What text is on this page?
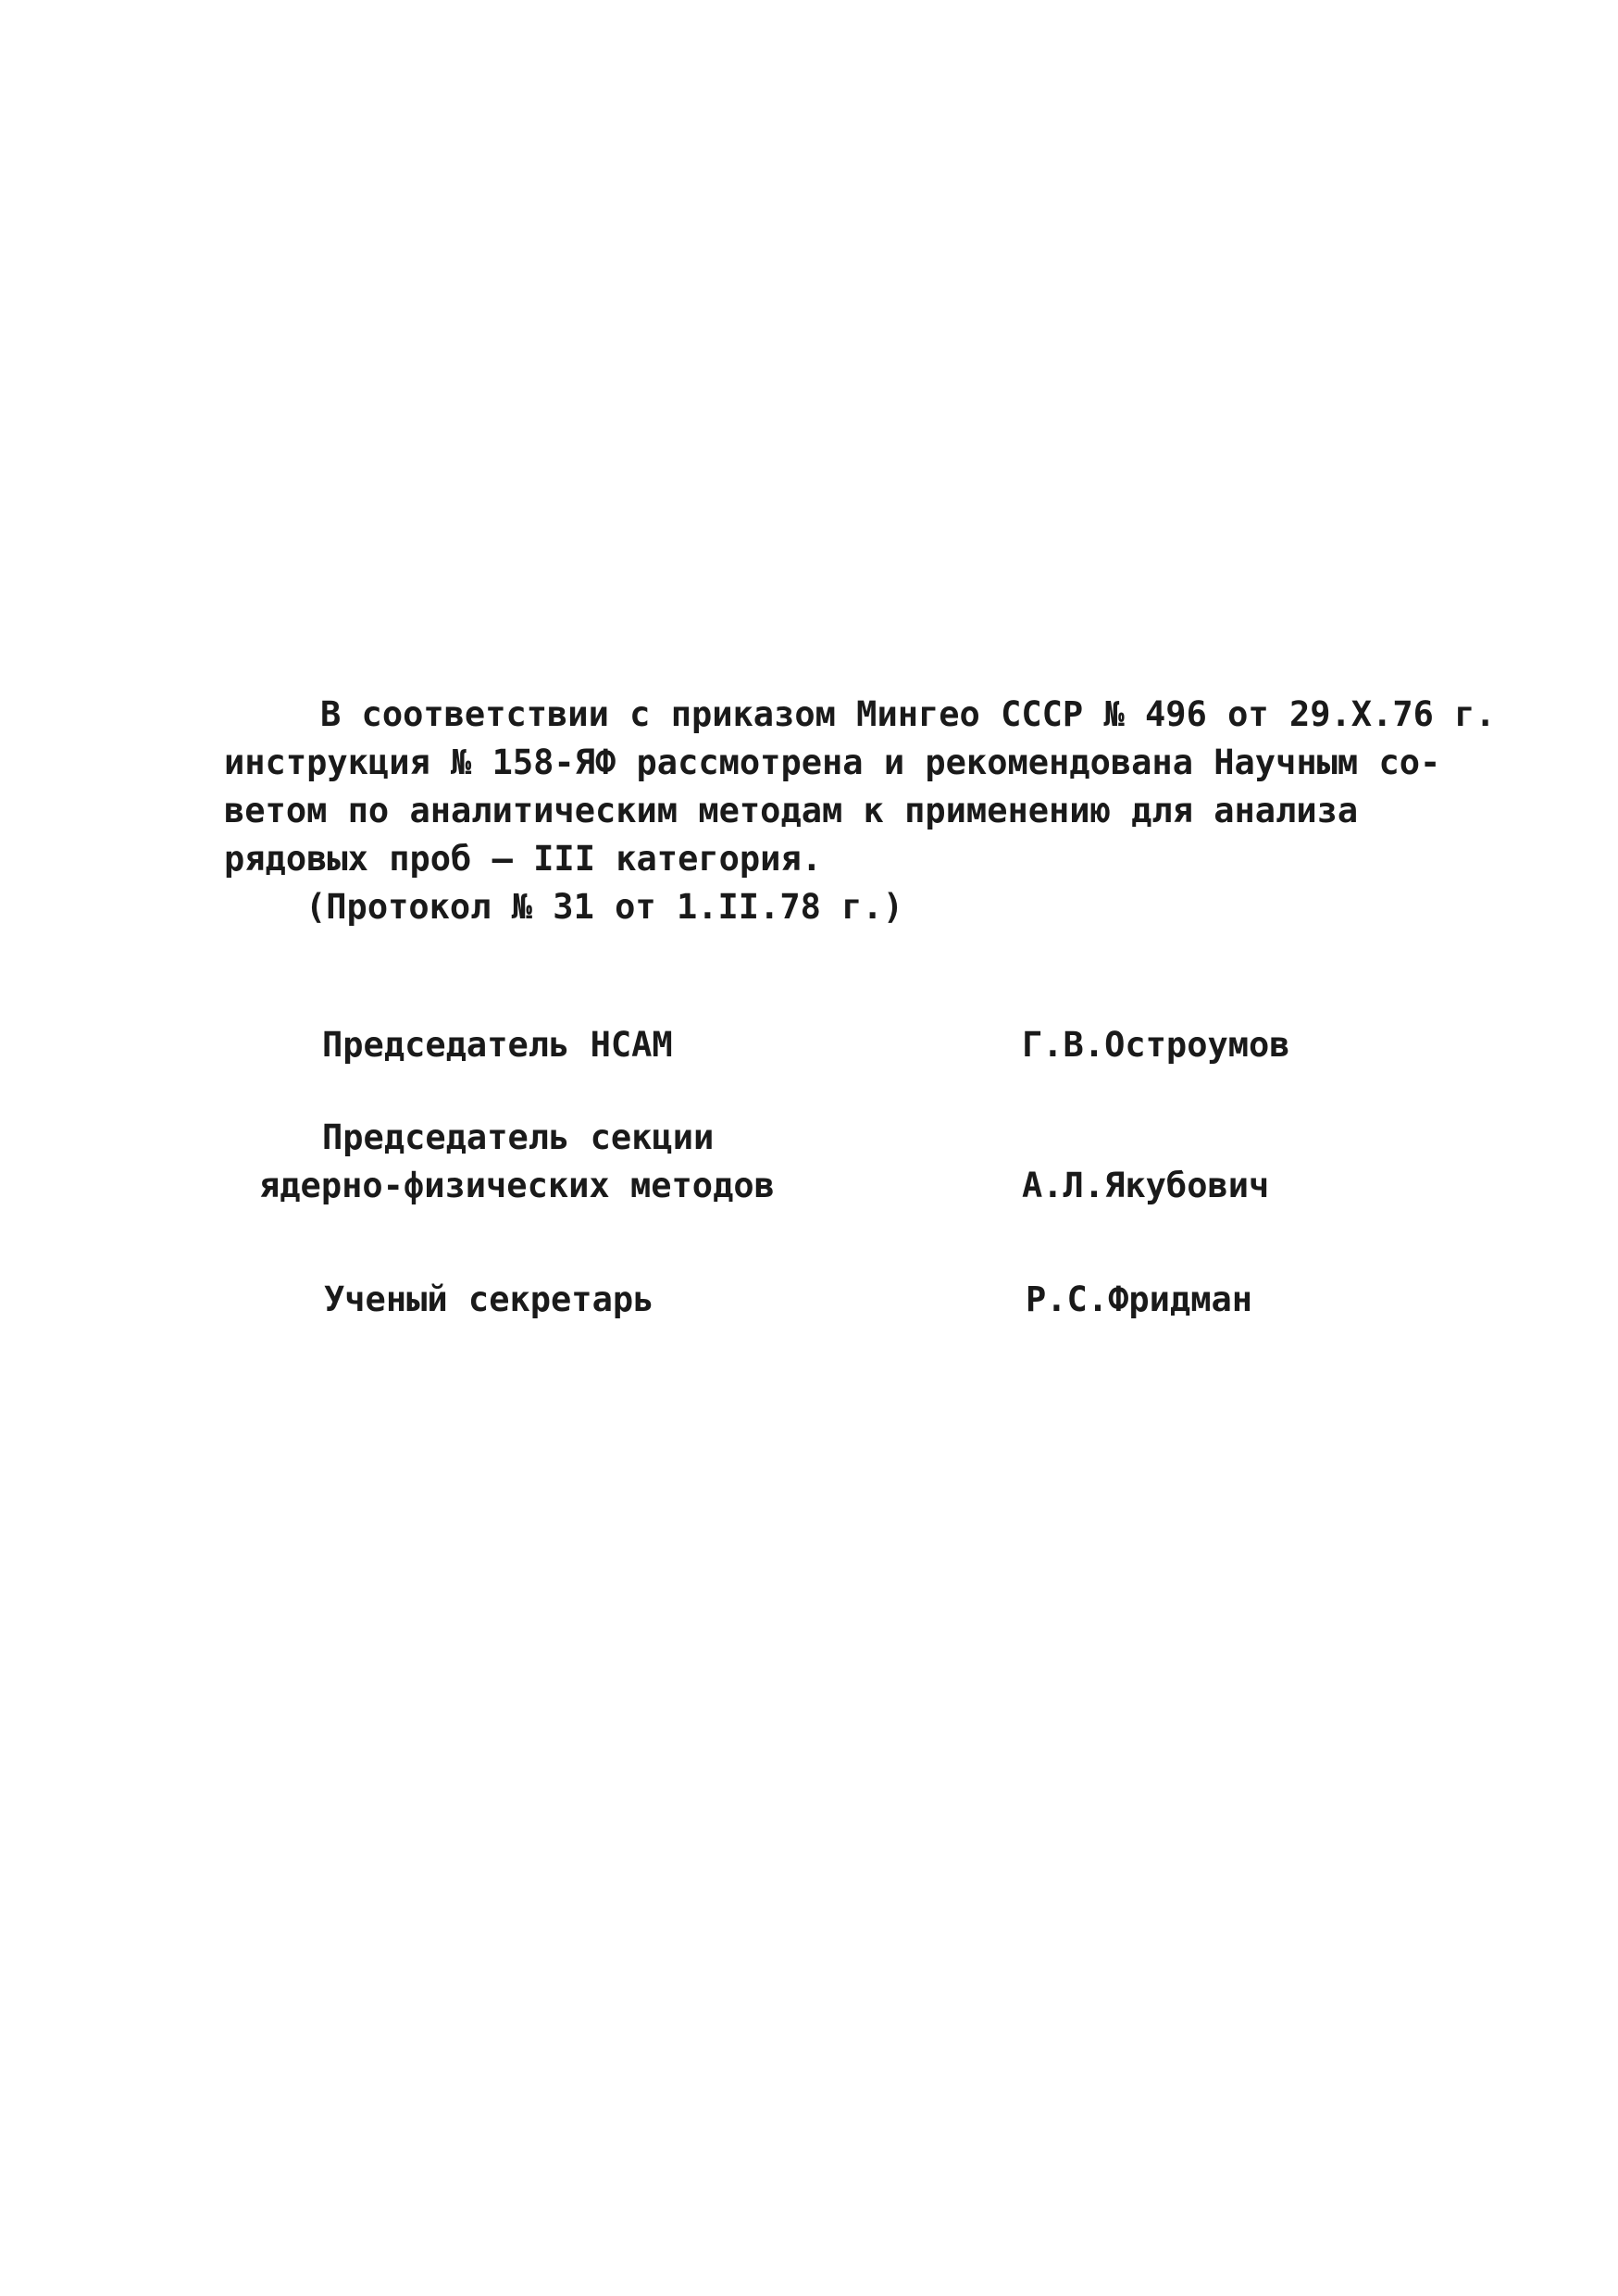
В соответствии с приказом Мингео СССР № 496 от 29.Х.76 г.
инструкция № 158-ЯФ рассмотрена и рекомендована Научным со-
ветом по аналитическим методам к применению для анализа
рядовых проб – III категория.
(Протокол № 31 от 1.II.78 г.)
Председатель НСАМ	Г.В.Остроумов
Председатель секции
ядерно-физических методов	А.Л.Якубович
Ученый секретарь	Р.С.Фридман
